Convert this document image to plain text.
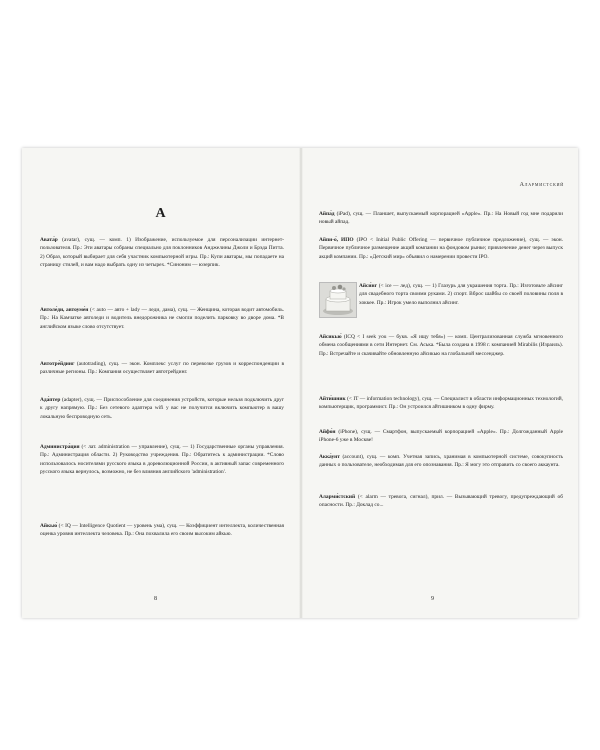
А

Авата́р (avatar), сущ. — комп. 1) Изображение, используемое для персонализации интернет-пользователя. Пр.: Эти аватары собраны специально для поклонников Анджелины Джоли и Брэда Питта. 2) Образ, который выбирает для себя участник компьютерной игры. Пр.: Купи аватары, мы попадаете на страницу стилей, и вам надо выбрать одну из четырех. *Синоним — юзерпик.

Автоле́ди, автоуме́н (< auto — авто + lady — леди, дама), сущ. — Женщина, которая водит автомобиль. Пр.: На Камчатке автоледи и водитель внедорожника не смогли поделить парковку во дворе дома. *В английском языке слово отсутствует.

Автотре́йдинг (autotrading), сущ. — экон. Комплекс услуг по перевозке грузов и корреспонденции в различные регионы. Пр.: Компания осуществляет автотрейдинг.

Ада́птер (adapter), сущ. — Приспособление для соединения устройств, которые нельзя подключить друг к другу напрямую. Пр.: Без сетевого адаптера wifi у вас не получится включить компьютер в вашу локальную беспроводную сеть.

Администра́ция (< лат. administration — управление), сущ. — 1) Государственные органы управления. Пр.: Администрация области. 2) Руководство учреждения. Пр.: Обратитесь к администрации. *Слово использовалось носителями русского языка в дореволюционной России, в активный запас современного русского языка вернулось, возможно, не без влияния английского 'administration'.

Айкью́ (< IQ — Intelligence Quotient — уровень ума), сущ. — Коэффициент интеллекта, количественная оценка уровня интеллекта человека. Пр.: Она похвалила его своим высоким айкью.

8
Алармистский

Айпа́д (iPad), сущ. — Планшет, выпускаемый корпорацией «Apple». Пр.: На Новый год мне подарили новый айпад.

Айпи-о́, ИПО (IPO < Initial Public Offering — первичное публичное предложение), сущ. — экон. Первичное публичное размещение акций компании на фондовом рынке; привлечение денег через выпуск акций компании. Пр.: «Детский мир» объявил о намерении провести IPO.

Айси́нг (< ice — лед), сущ. — 1) Глазурь для украшения торта. Пр.: Изготовьте айсинг для свадебного торта своими руками. 2) спорт. Вброс шайбы со своей половины поля в хоккее. Пр.: Игрок умело выполнил айсинг.

Айсикью́ (ICQ < I seek you — букв. «Я ищу тебя») — комп. Централизованная служба мгновенного обмена сообщениями в сети Интернет. См. Аська. *Была создана в 1998 г. компанией Mirabilis (Израиль). Пр.: Встречайте и скачивайте обновленную айсикью на глобальной мессенджер.

Айти́шник (< IT — information technology), сущ. — Специалист в области информационных технологий, компьютерщик, программист. Пр.: Он устроился айтишником в одну фирму.

Айфо́н (iPhone), сущ. — Смартфон, выпускаемый корпорацией «Apple». Пр.: Долгожданный Apple iPhone-6 уже в Москве!

Акка́унт (account), сущ. — комп. Учетная запись, хранимая в компьютерной системе, совокупность данных о пользователе, необходимая для его опознавания. Пр.: Я могу это отправить со своего аккаунта.

Аларми́стский (< alarm — тревога, сигнал), прил. — Вызывающий тревогу, предупреждающий об опасности. Пр.: Доклад со...

9
